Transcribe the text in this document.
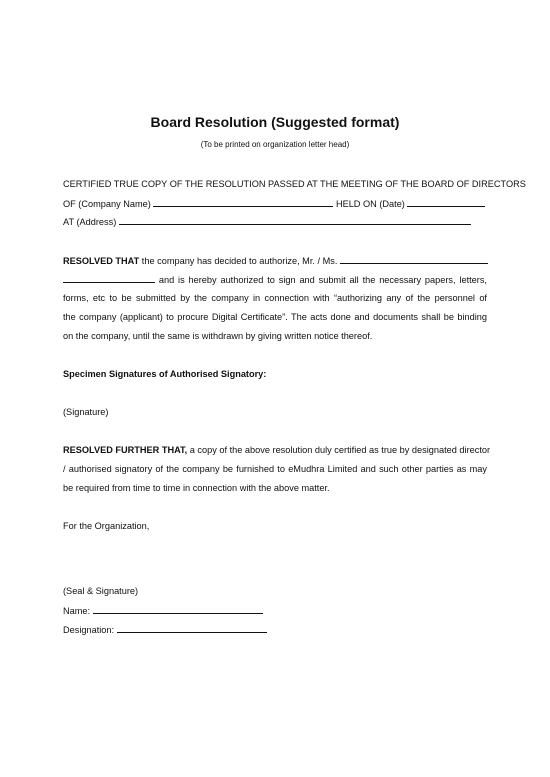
Board Resolution (Suggested format)
(To be printed on organization letter head)
CERTIFIED TRUE COPY OF THE RESOLUTION PASSED AT THE MEETING OF THE BOARD OF DIRECTORS
OF (Company Name)	HELD ON (Date)
AT (Address)
RESOLVED THAT the company has decided to authorize, Mr. / Ms.
and is hereby authorized to sign and submit all the necessary papers, letters,
forms, etc to be submitted by the company in connection with “authorizing any of the personnel of
the company (applicant) to procure Digital Certificate”. The acts done and documents shall be binding
on the company, until the same is withdrawn by giving written notice thereof.
Specimen Signatures of Authorised Signatory:
(Signature)
RESOLVED FURTHER THAT, a copy of the above resolution duly certified as true by designated director
/ authorised signatory of the company be furnished to eMudhra Limited and such other parties as may
be required from time to time in connection with the above matter.
For the Organization,
(Seal & Signature)
Name:
Designation:
